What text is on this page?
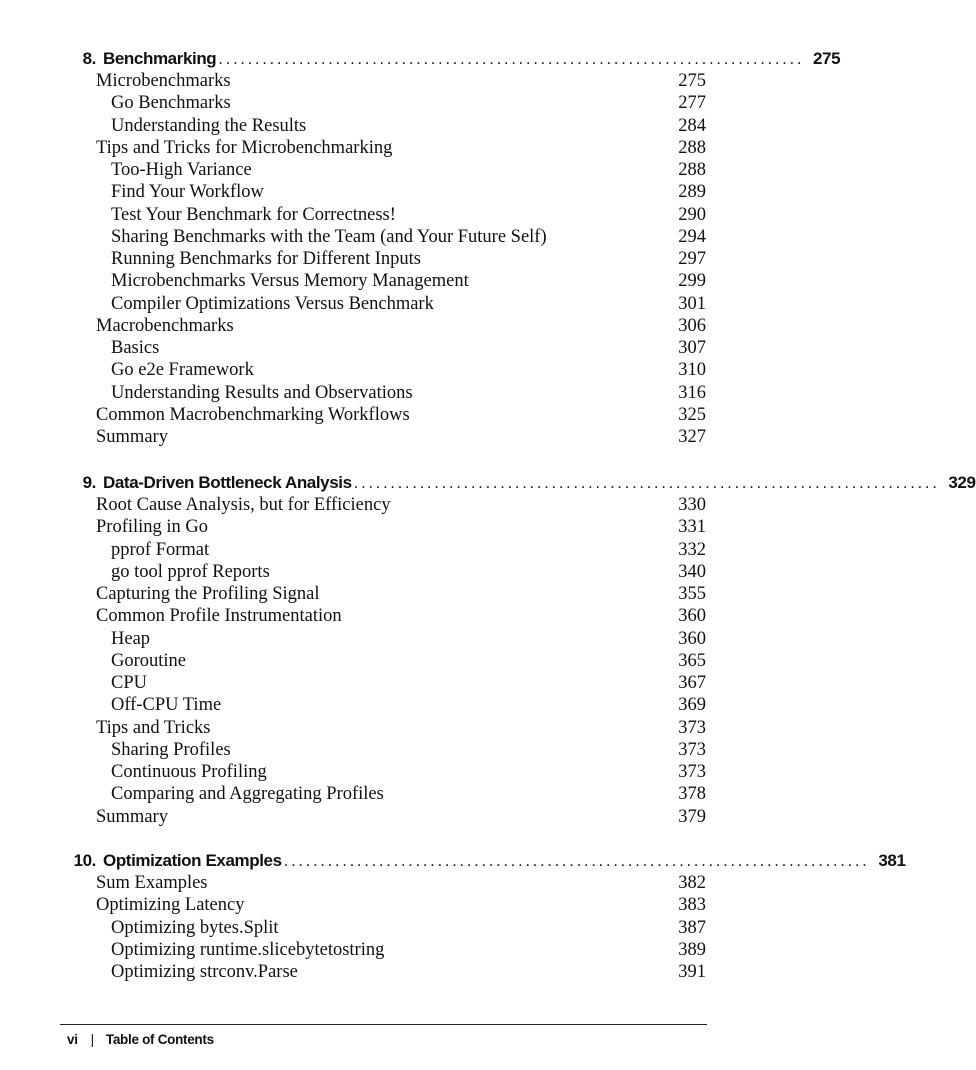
8. Benchmarking ................................................................................ 275
Microbenchmarks	275
Go Benchmarks	277
Understanding the Results	284
Tips and Tricks for Microbenchmarking	288
Too-High Variance	288
Find Your Workflow	289
Test Your Benchmark for Correctness!	290
Sharing Benchmarks with the Team (and Your Future Self)	294
Running Benchmarks for Different Inputs	297
Microbenchmarks Versus Memory Management	299
Compiler Optimizations Versus Benchmark	301
Macrobenchmarks	306
Basics	307
Go e2e Framework	310
Understanding Results and Observations	316
Common Macrobenchmarking Workflows	325
Summary	327
9. Data-Driven Bottleneck Analysis ................................................................................ 329
Root Cause Analysis, but for Efficiency	330
Profiling in Go	331
pprof Format	332
go tool pprof Reports	340
Capturing the Profiling Signal	355
Common Profile Instrumentation	360
Heap	360
Goroutine	365
CPU	367
Off-CPU Time	369
Tips and Tricks	373
Sharing Profiles	373
Continuous Profiling	373
Comparing and Aggregating Profiles	378
Summary	379
10. Optimization Examples ................................................................................ 381
Sum Examples	382
Optimizing Latency	383
Optimizing bytes.Split	387
Optimizing runtime.slicebytetostring	389
Optimizing strconv.Parse	391
vi | Table of Contents
